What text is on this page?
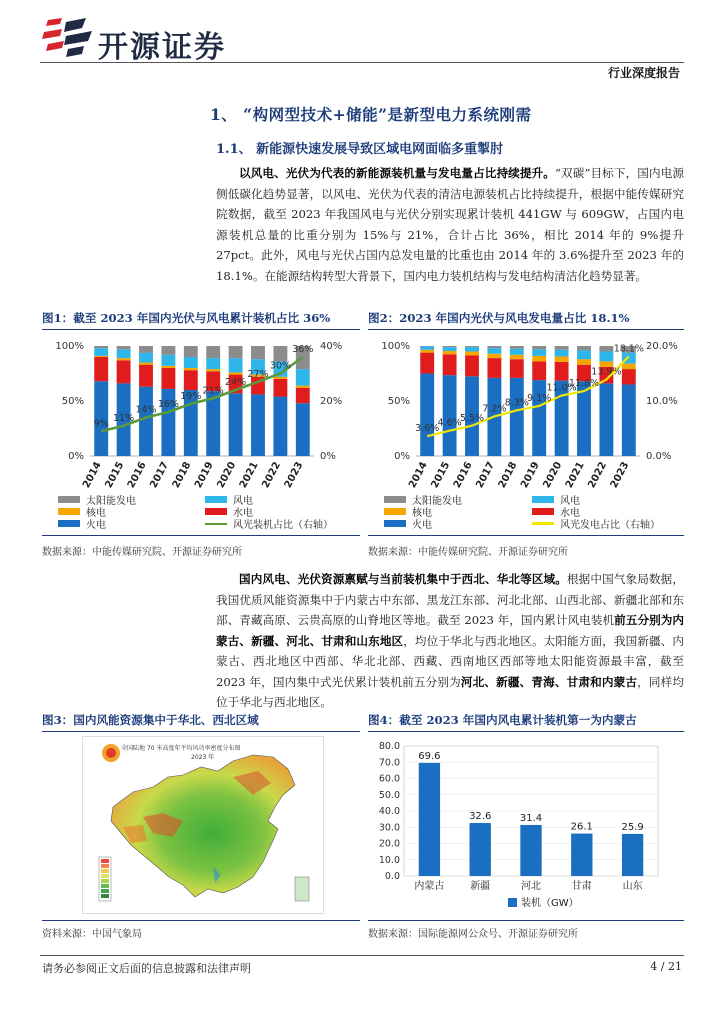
开源证券
行业深度报告
1、 “构网型技术+储能”是新型电力系统刚需
1.1、 新能源快速发展导致区域电网面临多重掣肘
以风电、光伏为代表的新能源装机量与发电量占比持续提升。“双碳”目标下，国内电源侧低碳化趋势显著，以风电、光伏为代表的清洁电源装机占比持续提升，根据中能传媒研究院数据，截至 2023 年我国风电与光伏分别实现累计装机 441GW 与 609GW，占国内电源装机总量的比重分别为 15%与 21%，合计占比 36%，相比 2014 年的 9%提升 27pct。此外，风电与光伏占国内总发电量的比重也由 2014 年的 3.6%提升至 2023 年的 18.1%。在能源结构转型大背景下，国内电力装机结构与发电结构清洁化趋势显著。
图1：截至 2023 年国内光伏与风电累计装机占比 36%
0%
50%
100%
0%
20%
40%
2014 2015 2016 2017 2018 2019 2020 2021 2022 2023
9% 11%
14% 16%
19% 21%
24%
27%
30%
36%
太阳能发电	风电
核电	水电
火电	风光装机占比（右轴）
数据来源：中能传媒研究院、开源证券研究所
图2：2023 年国内光伏与风电发电量占比 18.1%
0%
50%
100%
0.0%
10.0%
20.0%
2014 2015 2016 2017 2018 2019 2020 2021 2022 2023
3.6%
4.6%
5.5%
7.2%
8.3%
9.1%
11.0%
11.8%
13.9%
18.1%
太阳能发电	风电
核电	水电
火电	风光发电占比（右轴）
数据来源：中能传媒研究院、开源证券研究所
国内风电、光伏资源禀赋与当前装机集中于西北、华北等区域。根据中国气象局数据，我国优质风能资源集中于内蒙古中东部、黑龙江东部、河北北部、山西北部、新疆北部和东部、青藏高原、云贵高原的山脊地区等地。截至 2023 年，国内累计风电装机前五分别为内蒙古、新疆、河北、甘肃和山东地区，均位于华北与西北地区。太阳能方面，我国新疆、内蒙古、西北地区中西部、华北北部、西藏、西南地区西部等地太阳能资源最丰富，截至 2023 年，国内集中式光伏累计装机前五分别为河北、新疆、青海、甘肃和内蒙古，同样均位于华北与西北地区。
图3：国内风能资源集中于华北、西北区域
全国陆地 70 米高度年平均风功率密度分布图
2023 年
资料来源：中国气象局
图4：截至 2023 年国内风电累计装机第一为内蒙古
0.0
10.0
20.0
30.0
40.0
50.0
60.0
70.0
80.0
69.6
内蒙古
32.6
新疆
31.4
河北
26.1
甘肃
25.9
山东
装机（GW）
数据来源：国际能源网公众号、开源证券研究所
请务必参阅正文后面的信息披露和法律声明	4 / 21
